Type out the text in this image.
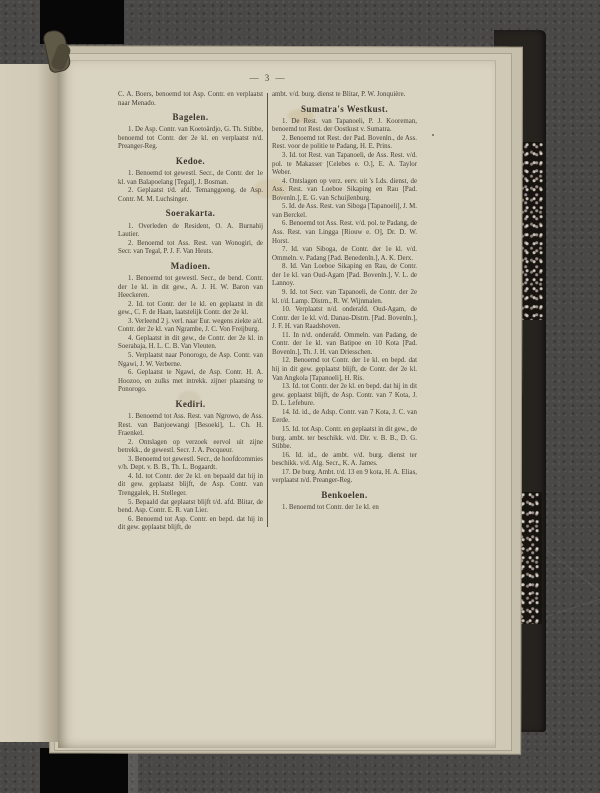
— 3 —

C. A. Boers, benoemd tot Asp. Contr. en verplaatst naar Menado.

Bagelen.

1. De Asp. Contr. van Koetoärdjo, G. Th. Stibbe, benoemd tot Contr. der 2e kl. en verplaatst n/d. Preanger-Reg.

Kedoe.

1. Benoemd tot gewestl. Secr., de Contr. der 1e kl. van Balapoelang [Tegal], J. Bosman.

2. Geplaatst t/d. afd. Temanggoeng, de Asp. Contr. M. M. Luchsinger.

Soerakarta.

1. Overleden de Resident, O. A. Burnabij Lautier.

2. Benoemd tot Ass. Rest. van Wonogiri, de Secr. van Tegal, P. J. F. Van Heuts.

Madioen.

1. Benoemd tot gewestl. Secr., de bend. Contr. der 1e kl. in dit gew., A. J. H. W. Baron van Heeckeren.

2. Id. tot Contr. der 1e kl. en geplaatst in dit gew., C. F. de Haan, laatstelijk Contr. der 2e kl.

3. Verleend 2 j. verl. naar Eur. wegens ziekte a/d. Contr. der 2e kl. van Ngrambe, J. C. Von Freijburg.

4. Geplaatst in dit gew., de Contr. der 2e kl. in Soerabaja, H. L. C. B. Van Vleuten.

5. Verplaatst naar Ponorogo, de Asp. Contr. van Ngawi, J. W. Verberne.

6. Geplaatst te Ngawi, de Asp. Contr. H. A. Hoozoo, en zulks met intrekk. zijner plaatsing te Ponorogo.

Kediri.

1. Benoemd tot Ass. Rest. van Ngrowo, de Ass. Rest. van Banjoewangi [Besoeki], L. Ch. H. Fraenkel.

2. Ontslagen op verzoek eervol uit zijne betrekk., de gewestl. Secr. J. A. Pecqueur.

3. Benoemd tot gewestl. Secr., de hoofdcommies v/h. Dept. v. B. B., Th. L. Bogaardt.

4. Id. tot Contr. der 2e kl. en bepaald dat hij in dit gew. geplaatst blijft, de Asp. Contr. van Trenggalek, H. Stelleger.

5. Bepaald dat geplaatst blijft t/d. afd. Blitar, de bend. Asp. Contr. E. R. van Lier.

6. Benoemd tot Asp. Contr. en bepd. dat hij in dit gew. geplaatst blijft, de

ambt. v/d. burg. dienst te Blitar, P. W. Jonquière.

Sumatra's Westkust.

1. De Rest. van Tapanoeli, P. J. Kooreman, benoemd tot Rest. der Oostkust v. Sumatra.

2. Benoemd tot Rest. der Pad. Bovenln., de Ass. Rest. voor de politie te Padang, H. E. Prins.

3. Id. tot Rest. van Tapanoeli, de Ass. Rest. v/d. pol. te Makasser [Celebes e. O.], E. A. Taylor Weber.

4. Ontslagen op verz. eerv. uit 's Lds. dienst, de Ass. Rest. van Loeboe Sikaping en Rau [Pad. Bovenln.], E. G. van Schuijlenburg.

5. Id. de Ass. Rest. van Siboga [Tapanoeli], J. M. van Berckel.

6. Benoemd tot Ass. Rest. v/d. pol. te Padang, de Ass. Rest. van Lingga [Riouw e. O], Dr. D. W. Horst.

7. Id. van Siboga, de Contr. der 1e kl. v/d. Ommeln. v. Padang [Pad. Benedenln.], A. K. Derx.

8. Id. Van Loeboe Sikaping en Rau, de Contr. der 1e kl. van Oud-Agam [Pad. Bovenln.], V. L. de Lannoy.

9. Id. tot Secr. van Tapanoeli, de Contr. der 2e kl. t/d. Lamp. Distrn., R. W. Wijnmalen.

10. Verplaatst n/d. onderafd. Oud-Agam, de Contr. der 1e kl. v/d. Danau-Distrn. [Pad. Bovenln.], J. F. H. van Raadshoven.

11. In n/d. onderafd. Ommeln. van Padang, de Contr. der 1e kl. van Batipoe en 10 Kota [Pad. Bovenln.], Th. J. H. van Driesschen.

12. Benoemd tot Contr. der 1e kl. en bepd. dat hij in dit gew. geplaatst blijft, de Contr. der 2e kl. Van Angkola [Tapanoeli], H. Ris.

13. Id. tot Contr. der 2e kl. en bepd. dat hij in dit gew. geplaatst blijft, de Asp. Contr. van 7 Kota, J. D. L. Lefebure.

14. Id. id., de Adsp. Contr. van 7 Kota, J. C. van Eerde.

15. Id. tot Asp. Contr. en geplaatst in dit gew., de burg. ambt. ter beschikk. v/d. Dir. v. B. B., D. G. Stibbe.

16. Id. id., de ambt. v/d. burg. dienst ter beschikk. v/d. Alg. Secr., K. A. James.

17. De burg. Ambt. t/d. 13 en 9 kota, H. A. Elias, verplaatst n/d. Preanger-Reg.

Benkoelen.

1. Benoemd tot Contr. der 1e kl. en
